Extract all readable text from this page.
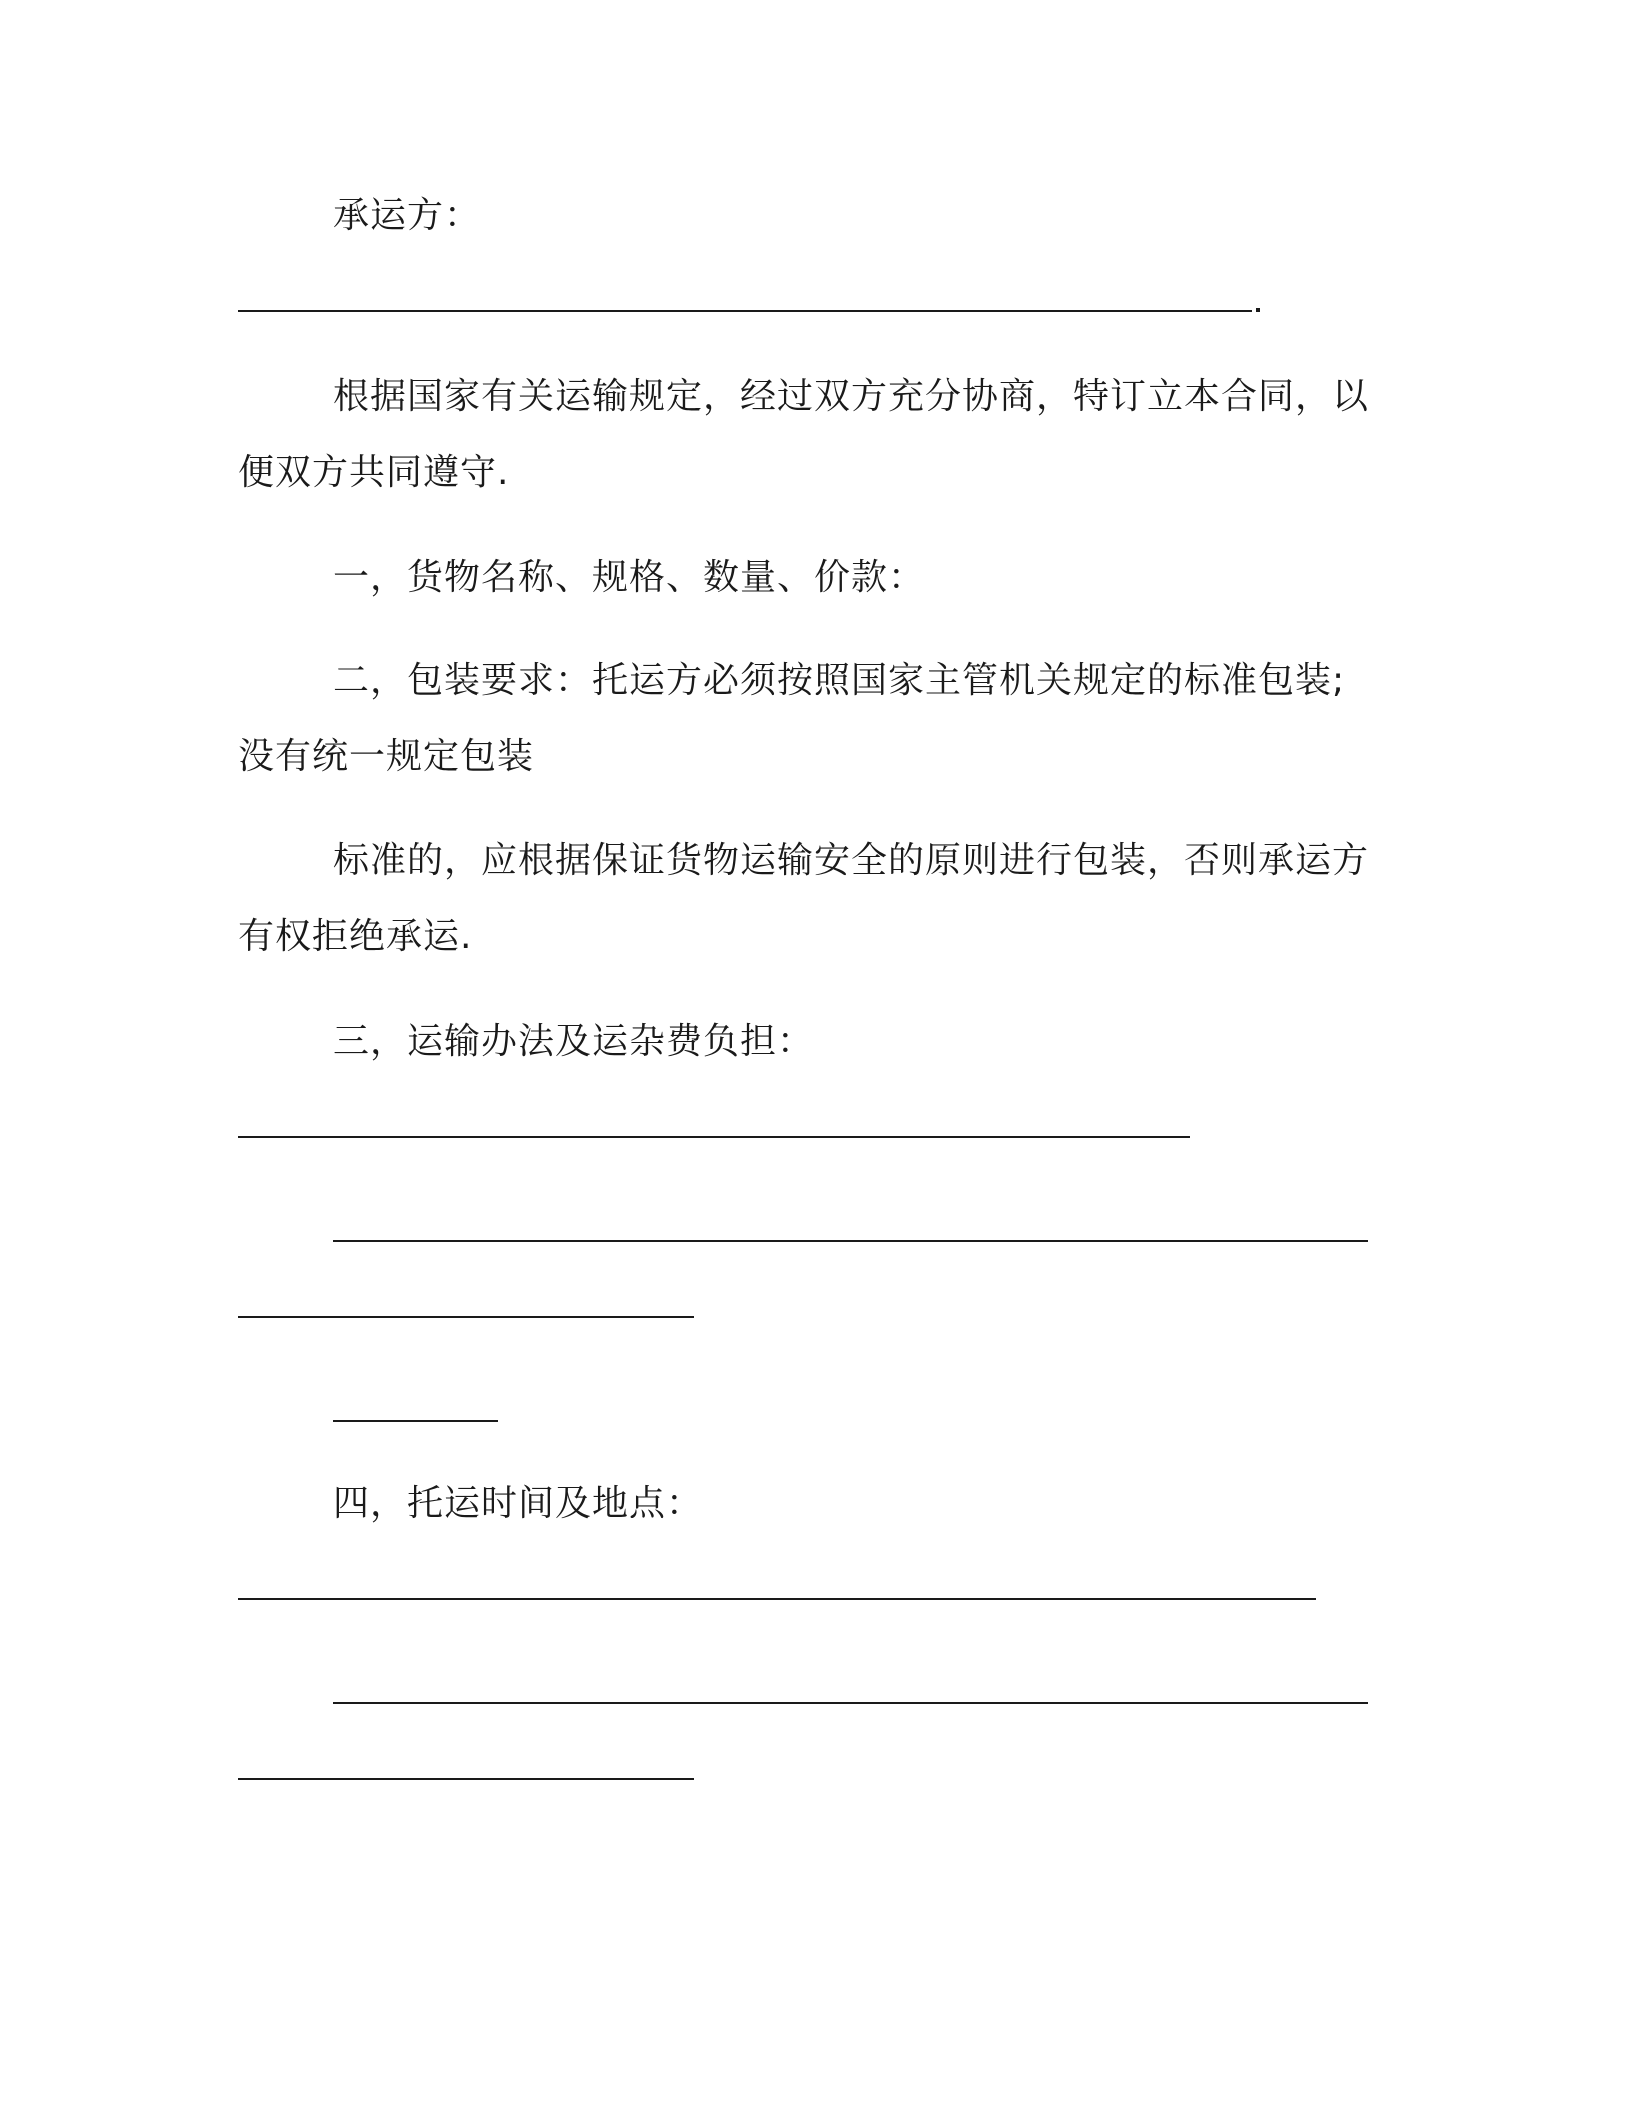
承运方：
根据国家有关运输规定，经过双方充分协商，特订立本合同，以
便双方共同遵守.
一，货物名称、规格、数量、价款：
二，包装要求：托运方必须按照国家主管机关规定的标准包装;
没有统一规定包装
标准的，应根据保证货物运输安全的原则进行包装，否则承运方
有权拒绝承运.
三，运输办法及运杂费负担：
四，托运时间及地点：
